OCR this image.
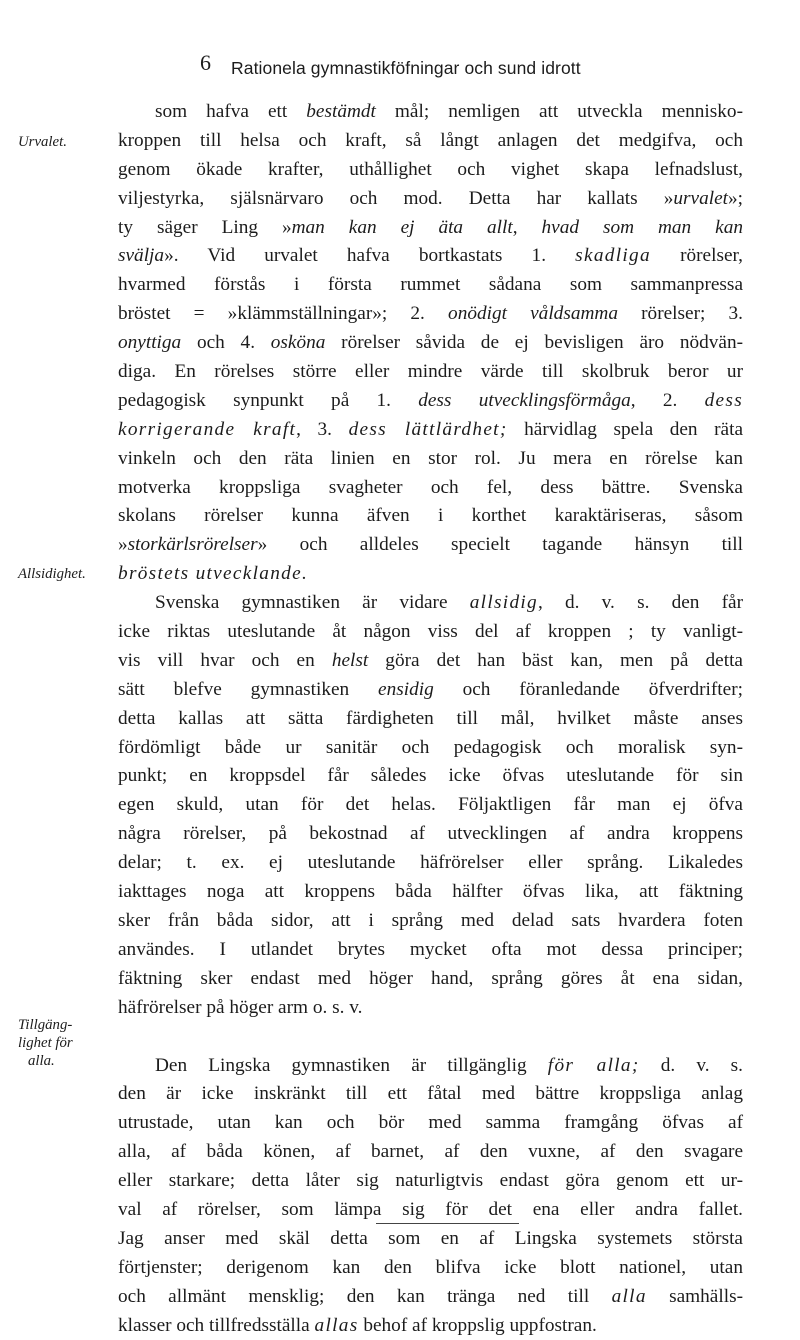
6 Rationela gymnastikföfningar och sund idrott
Urvalet.
Allsidighet.
Tillgäng-
lighet för
alla.
som hafva ett bestämdt mål; nemligen att utveckla mennisko-
kroppen till helsa och kraft, så långt anlagen det medgifva, och
genom ökade krafter, uthållighet och vighet skapa lefnadslust,
viljestyrka, själsnärvaro och mod. Detta har kallats »urvalet»;
ty säger Ling »man kan ej äta allt, hvad som man kan
svälja». Vid urvalet hafva bortkastats 1. skadliga rörelser,
hvarmed förstås i första rummet sådana som sammanpressa
bröstet = »klämmställningar»; 2. onödigt våldsamma rörelser; 3.
onyttiga och 4. osköna rörelser såvida de ej bevisligen äro nödvän-
diga. En rörelses större eller mindre värde till skolbruk beror ur
pedagogisk synpunkt på 1. dess utvecklingsförmåga, 2. dess
korrigerande kraft, 3. dess lättlärdhet; härvidlag spela den räta
vinkeln och den räta linien en stor rol. Ju mera en rörelse kan
motverka kroppsliga svagheter och fel, dess bättre. Svenska
skolans rörelser kunna äfven i korthet karaktäriseras, såsom
»storkärlsrörelser» och alldeles specielt tagande hänsyn till
bröstets utvecklande.
Svenska gymnastiken är vidare allsidig, d. v. s. den får
icke riktas uteslutande åt någon viss del af kroppen ; ty vanligt-
vis vill hvar och en helst göra det han bäst kan, men på detta
sätt blefve gymnastiken ensidig och föranledande öfverdrifter;
detta kallas att sätta färdigheten till mål, hvilket måste anses
fördömligt både ur sanitär och pedagogisk och moralisk syn-
punkt; en kroppsdel får således icke öfvas uteslutande för sin
egen skuld, utan för det helas. Följaktligen får man ej öfva
några rörelser, på bekostnad af utvecklingen af andra kroppens
delar; t. ex. ej uteslutande häfrörelser eller språng. Likaledes
iakttages noga att kroppens båda hälfter öfvas lika, att fäktning
sker från båda sidor, att i språng med delad sats hvardera foten
användes. I utlandet brytes mycket ofta mot dessa principer;
fäktning sker endast med höger hand, språng göres åt ena sidan,
häfrörelser på höger arm o. s. v.
Den Lingska gymnastiken är tillgänglig för alla; d. v. s.
den är icke inskränkt till ett fåtal med bättre kroppsliga anlag
utrustade, utan kan och bör med samma framgång öfvas af
alla, af båda könen, af barnet, af den vuxne, af den svagare
eller starkare; detta låter sig naturligtvis endast göra genom ett ur-
val af rörelser, som lämpa sig för det ena eller andra fallet.
Jag anser med skäl detta som en af Lingska systemets största
förtjenster; derigenom kan den blifva icke blott nationel, utan
och allmänt mensklig; den kan tränga ned till alla samhälls-
klasser och tillfredsställa allas behof af kroppslig uppfostran.
